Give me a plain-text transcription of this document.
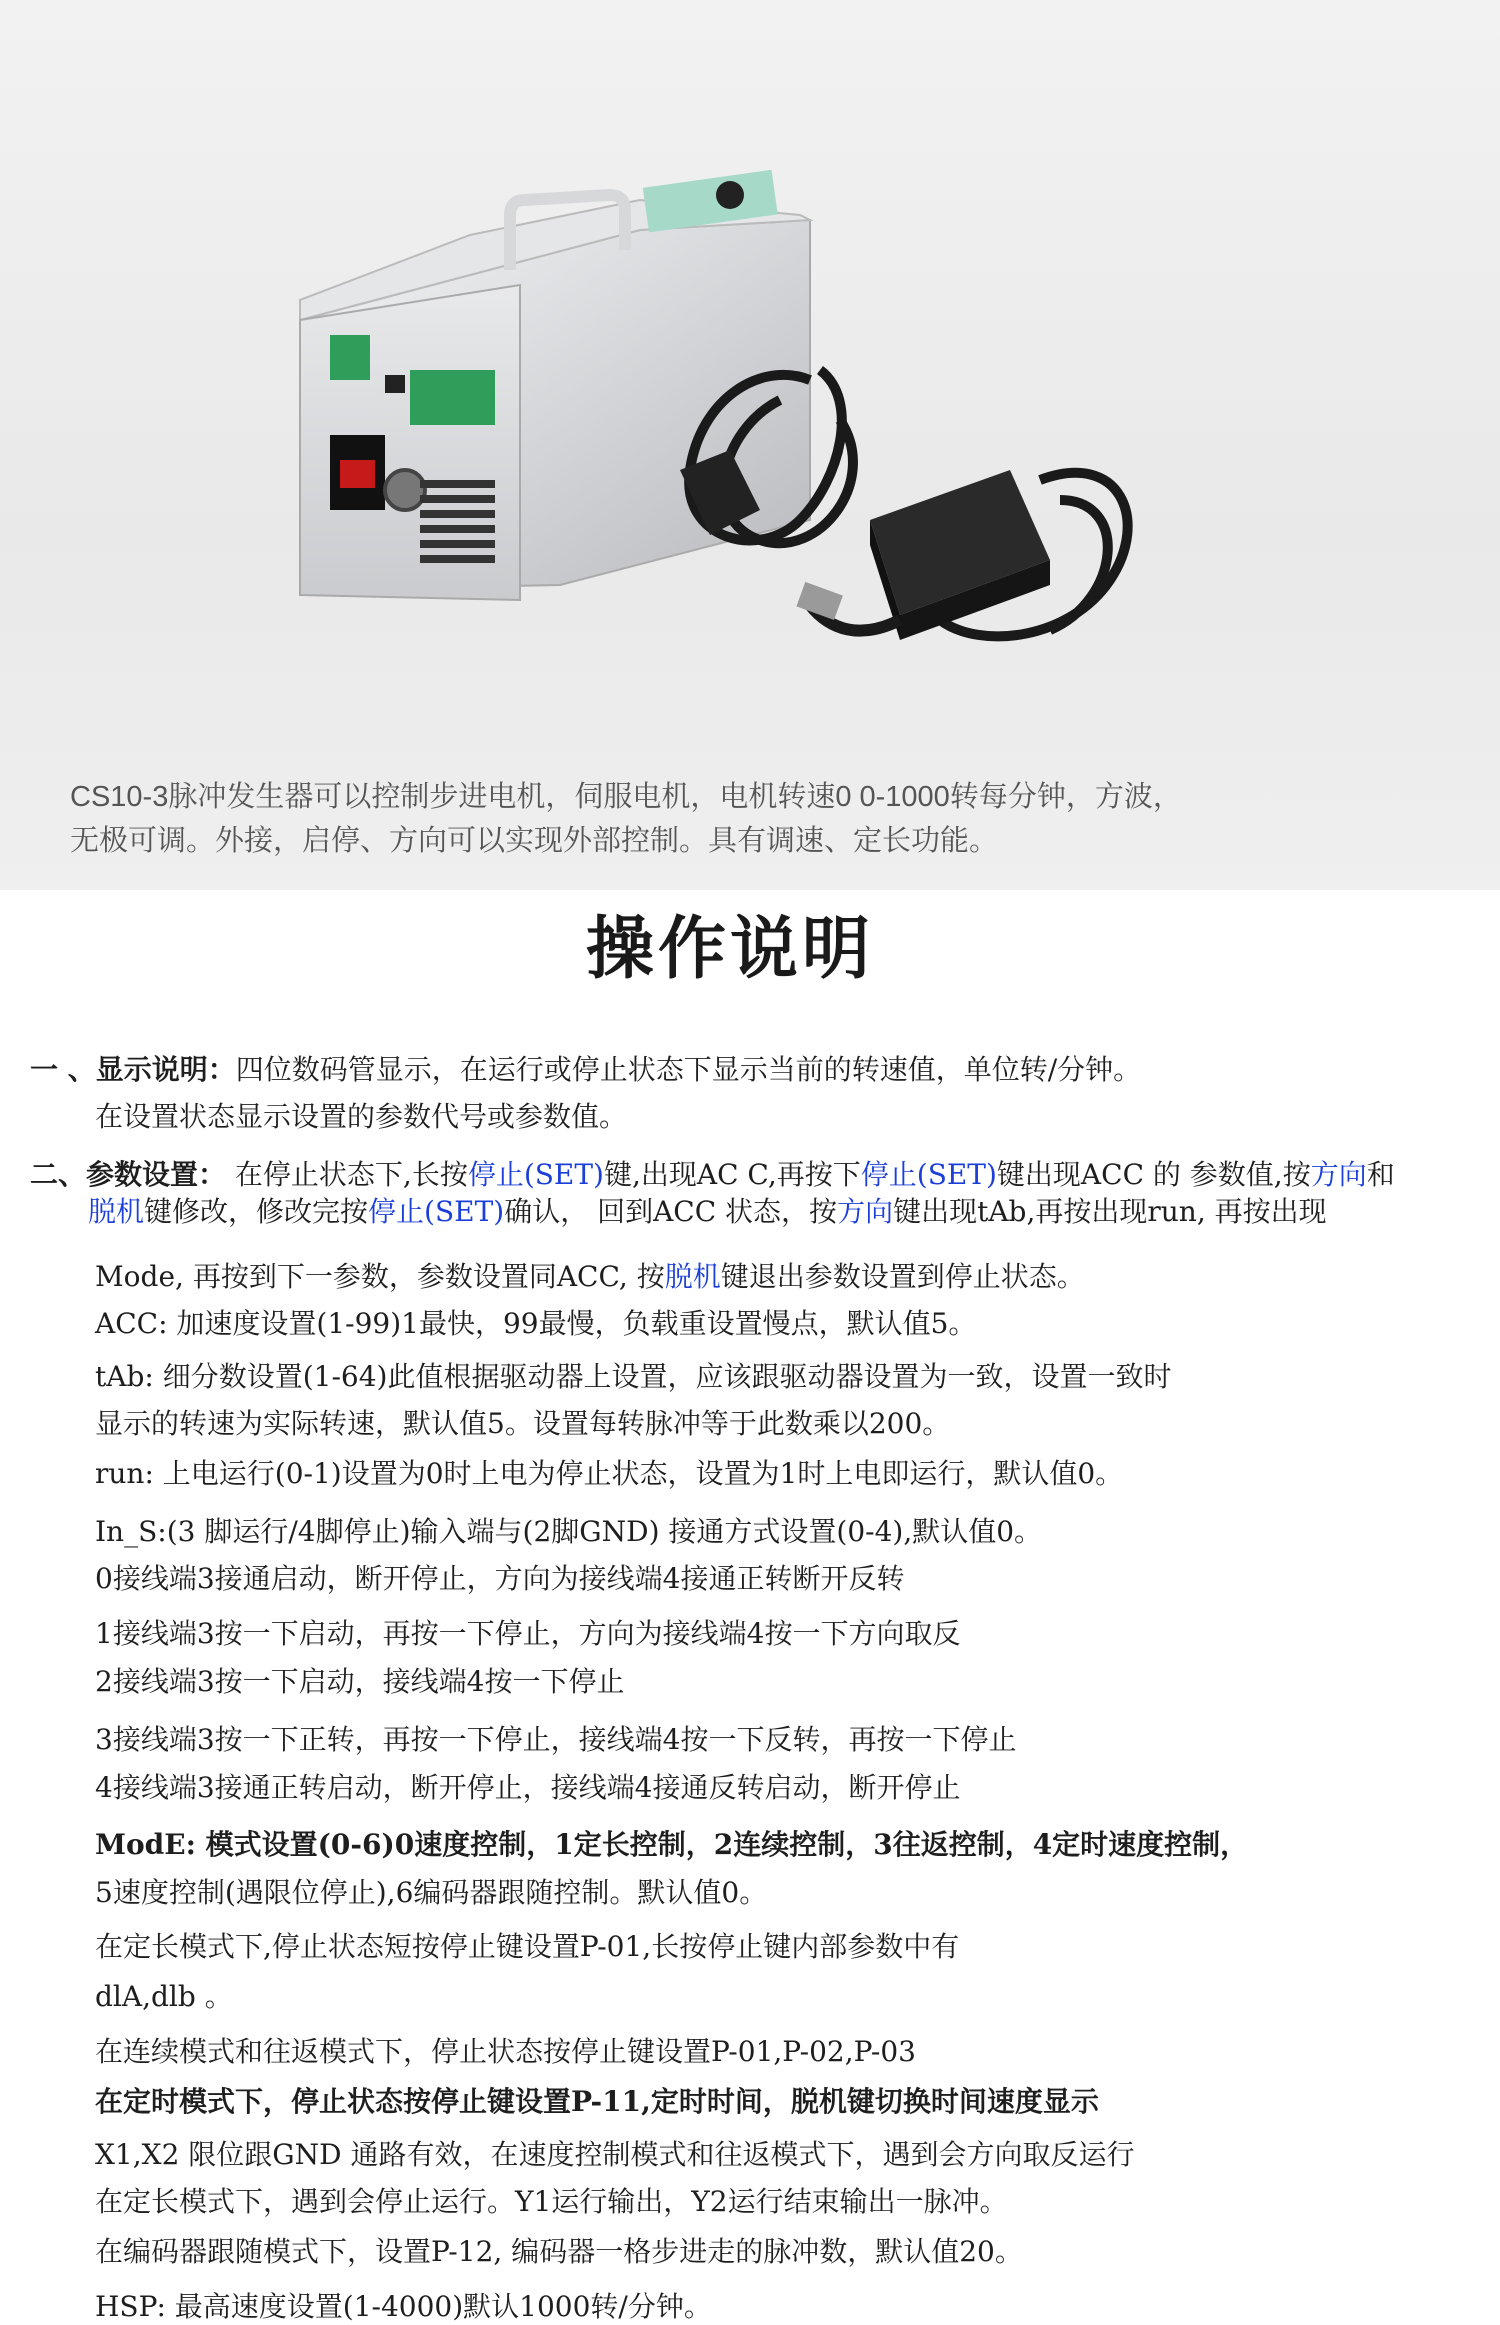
CS10-3脉冲发生器可以控制步进电机，伺服电机，电机转速0 0-1000转每分钟，方波，
无极可调。外接，启停、方向可以实现外部控制。具有调速、定长功能。
操作说明
一 、显示说明：四位数码管显示，在运行或停止状态下显示当前的转速值，单位转/分钟。
在设置状态显示设置的参数代号或参数值。
二、参数设置： 在停止状态下,长按停止(SET)键,出现AC C,再按下停止(SET)键出现ACC 的 参数值,按方向和
脱机键修改，修改完按停止(SET)确认， 回到ACC 状态，按方向键出现tAb,再按出现run, 再按出现
Mode, 再按到下一参数，参数设置同ACC, 按脱机键退出参数设置到停止状态。
ACC: 加速度设置(1-99)1最快，99最慢，负载重设置慢点，默认值5。
tAb: 细分数设置(1-64)此值根据驱动器上设置，应该跟驱动器设置为一致，设置一致时
显示的转速为实际转速，默认值5。设置每转脉冲等于此数乘以200。
run: 上电运行(0-1)设置为0时上电为停止状态，设置为1时上电即运行，默认值0。
In_S:(3 脚运行/4脚停止)输入端与(2脚GND) 接通方式设置(0-4),默认值0。
0接线端3接通启动，断开停止，方向为接线端4接通正转断开反转
1接线端3按一下启动，再按一下停止，方向为接线端4按一下方向取反
2接线端3按一下启动，接线端4按一下停止
3接线端3按一下正转，再按一下停止，接线端4按一下反转，再按一下停止
4接线端3接通正转启动，断开停止，接线端4接通反转启动，断开停止
ModE: 模式设置(0-6)0速度控制，1定长控制，2连续控制，3往返控制，4定时速度控制，
5速度控制(遇限位停止),6编码器跟随控制。默认值0。
在定长模式下,停止状态短按停止键设置P-01,长按停止键内部参数中有
dlA,dlb 。
在连续模式和往返模式下，停止状态按停止键设置P-01,P-02,P-03
在定时模式下，停止状态按停止键设置P-11,定时时间，脱机键切换时间速度显示
X1,X2 限位跟GND 通路有效，在速度控制模式和往返模式下，遇到会方向取反运行
在定长模式下，遇到会停止运行。Y1运行输出，Y2运行结束输出一脉冲。
在编码器跟随模式下，设置P-12, 编码器一格步进走的脉冲数，默认值20。
HSP: 最高速度设置(1-4000)默认1000转/分钟。
